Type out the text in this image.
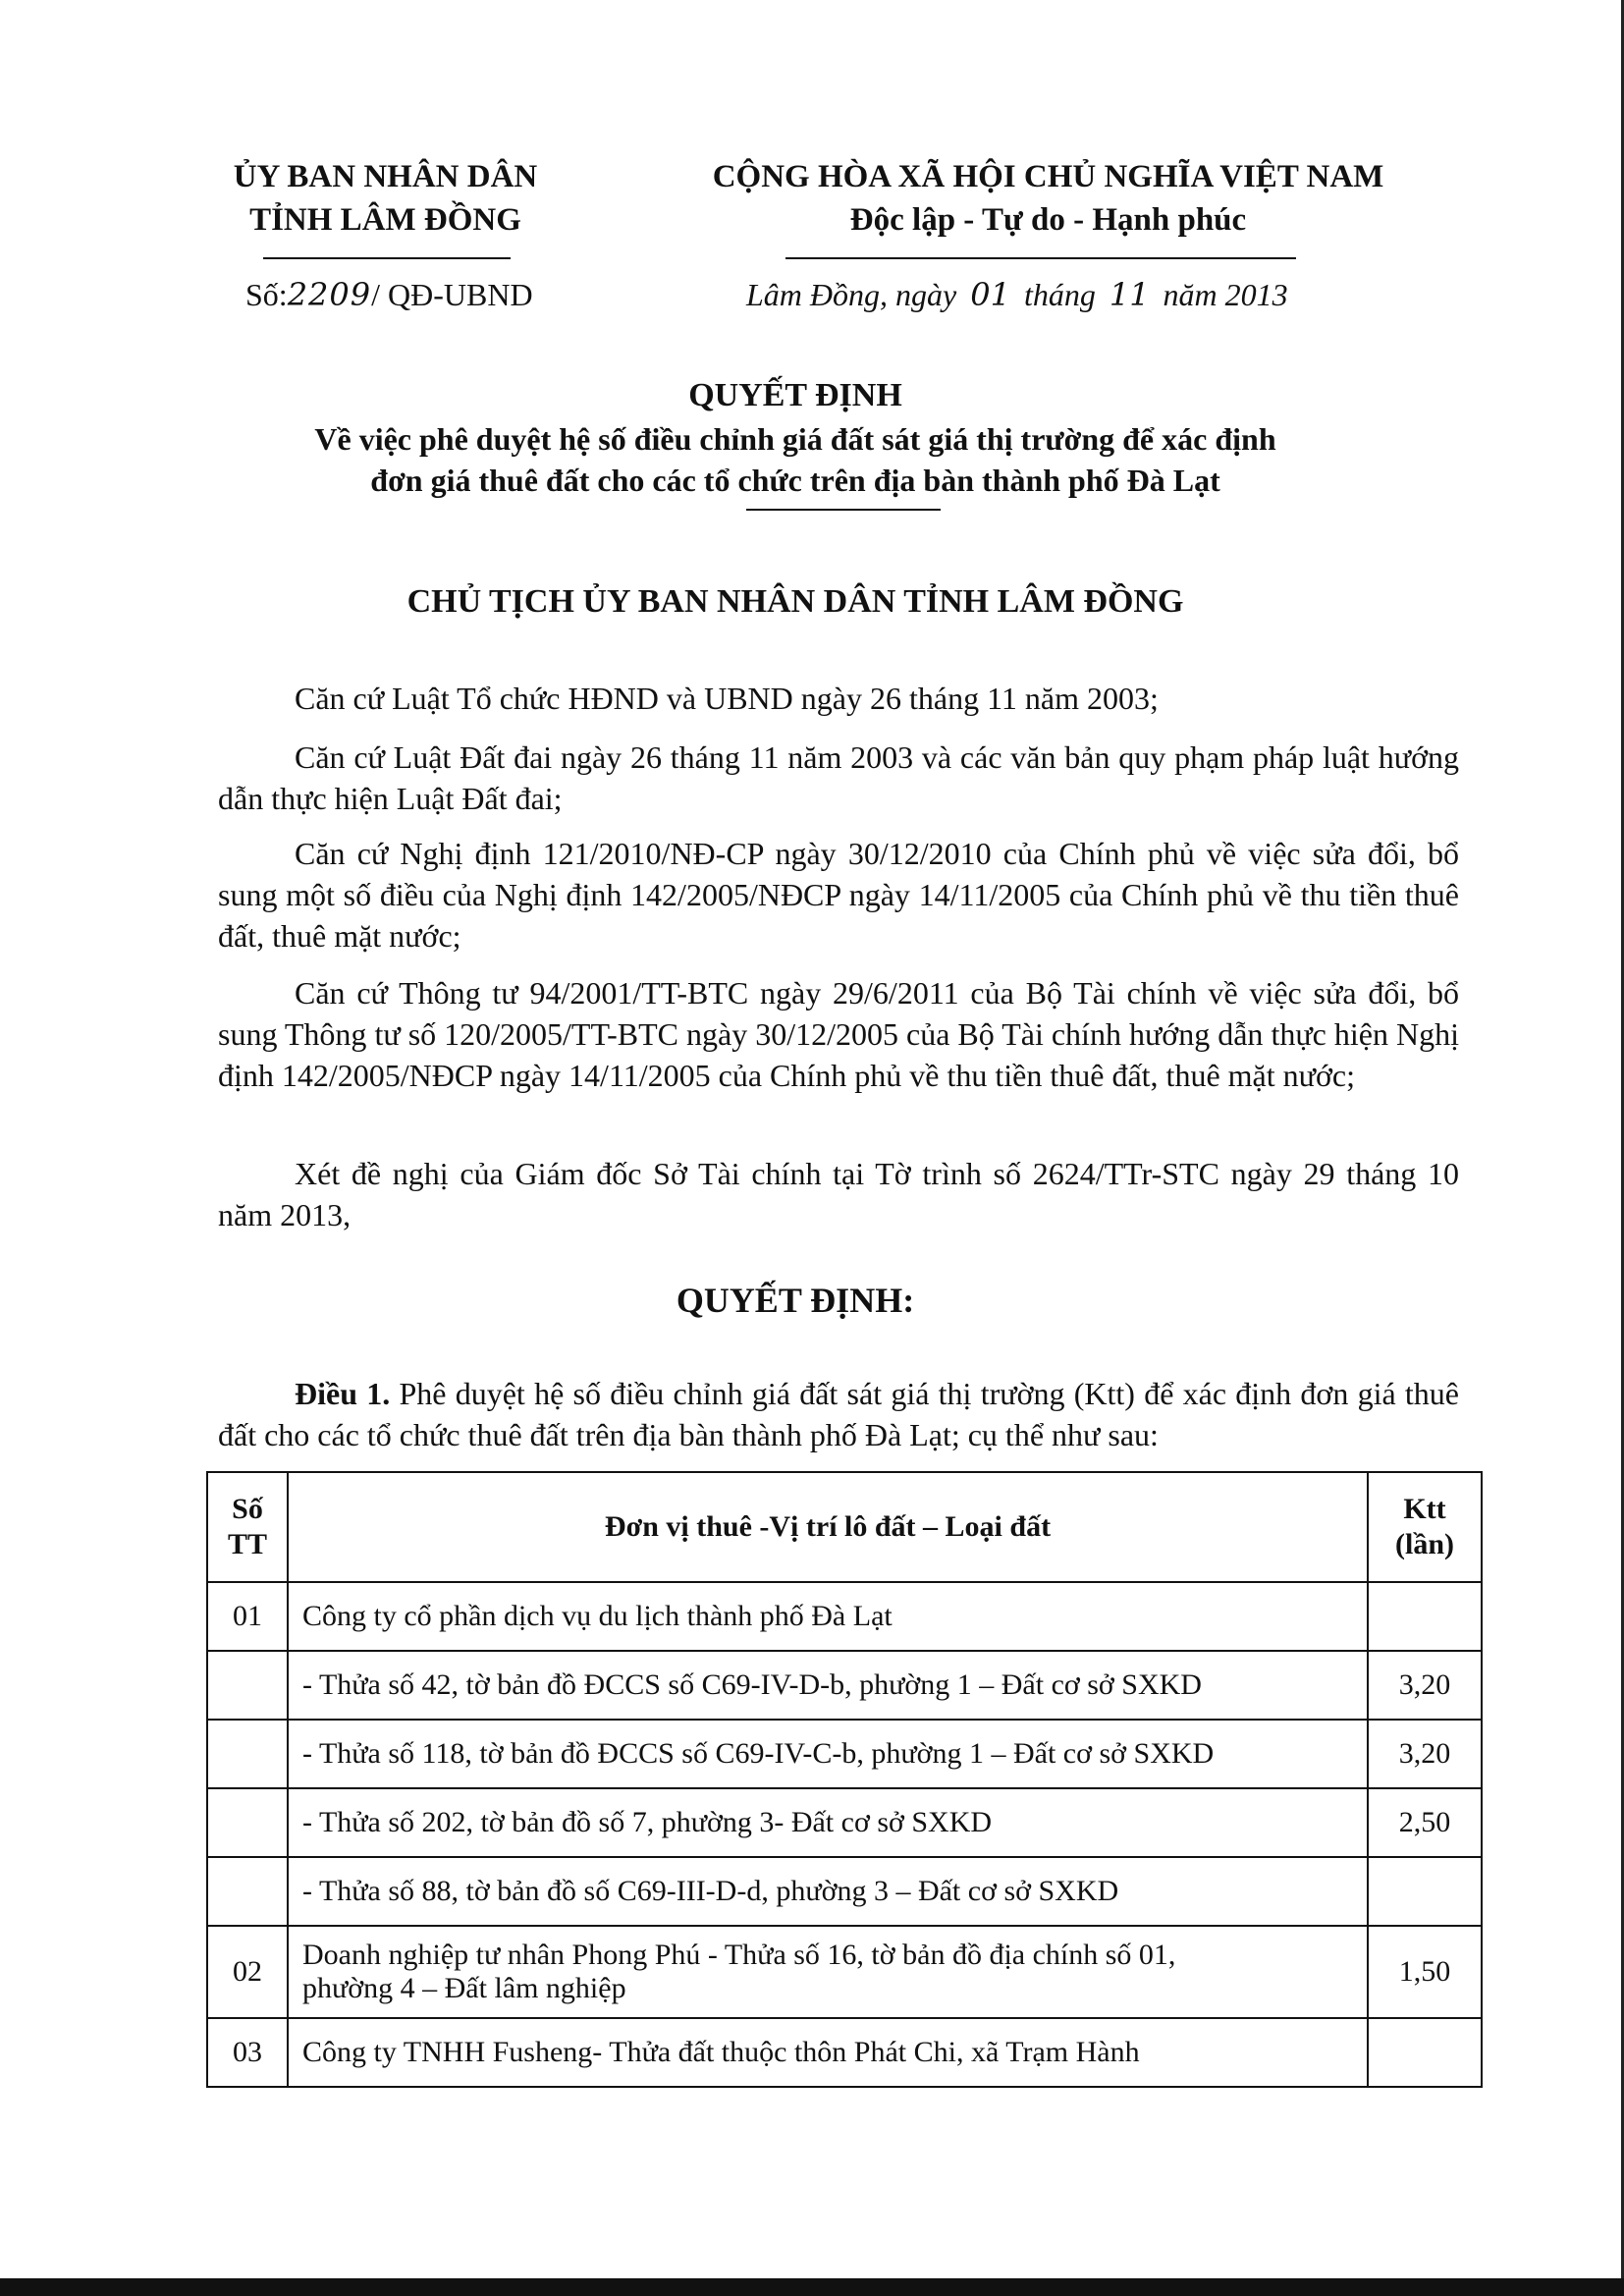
ỦY BAN NHÂN DÂN
TỈNH LÂM ĐỒNG
CỘNG HÒA XÃ HỘI CHỦ NGHĨA VIỆT NAM
Độc lập - Tự do - Hạnh phúc
Số:2209/ QĐ-UBND	Lâm Đồng, ngày 01 tháng 11 năm 2013
QUYẾT ĐỊNH
Về việc phê duyệt hệ số điều chỉnh giá đất sát giá thị trường để xác định
đơn giá thuê đất cho các tổ chức trên địa bàn thành phố Đà Lạt
CHỦ TỊCH ỦY BAN NHÂN DÂN TỈNH LÂM ĐỒNG
Căn cứ Luật Tổ chức HĐND và UBND ngày 26 tháng 11 năm 2003;
Căn cứ Luật Đất đai ngày 26 tháng 11 năm 2003 và các văn bản quy phạm pháp luật hướng dẫn thực hiện Luật Đất đai;
Căn cứ Nghị định 121/2010/NĐ-CP ngày 30/12/2010 của Chính phủ về việc sửa đổi, bổ sung một số điều của Nghị định 142/2005/NĐCP ngày 14/11/2005 của Chính phủ về thu tiền thuê đất, thuê mặt nước;
Căn cứ Thông tư 94/2001/TT-BTC ngày 29/6/2011 của Bộ Tài chính về việc sửa đổi, bổ sung Thông tư số 120/2005/TT-BTC ngày 30/12/2005 của Bộ Tài chính hướng dẫn thực hiện Nghị định 142/2005/NĐCP ngày 14/11/2005 của Chính phủ về thu tiền thuê đất, thuê mặt nước;
Xét đề nghị của Giám đốc Sở Tài chính tại Tờ trình số 2624/TTr-STC ngày 29 tháng 10 năm 2013,
QUYẾT ĐỊNH:
Điều 1. Phê duyệt hệ số điều chỉnh giá đất sát giá thị trường (Ktt) để xác định đơn giá thuê đất cho các tổ chức thuê đất trên địa bàn thành phố Đà Lạt; cụ thể như sau:
Số
TT	Đơn vị thuê -Vị trí lô đất – Loại đất	Ktt
(lần)
01	Công ty cổ phần dịch vụ du lịch thành phố Đà Lạt	
	- Thửa số 42, tờ bản đồ ĐCCS số C69-IV-D-b, phường 1 – Đất cơ sở SXKD	3,20
	- Thửa số 118, tờ bản đồ ĐCCS số C69-IV-C-b, phường 1 – Đất cơ sở SXKD	3,20
	- Thửa số 202, tờ bản đồ số 7, phường 3- Đất cơ sở SXKD	2,50
	- Thửa số 88, tờ bản đồ số C69-III-D-d, phường 3 – Đất cơ sở SXKD	
02	Doanh nghiệp tư nhân Phong Phú - Thửa số 16, tờ bản đồ địa chính số 01,
phường 4 – Đất lâm nghiệp	1,50
03	Công ty TNHH Fusheng- Thửa đất thuộc thôn Phát Chi, xã Trạm Hành	
